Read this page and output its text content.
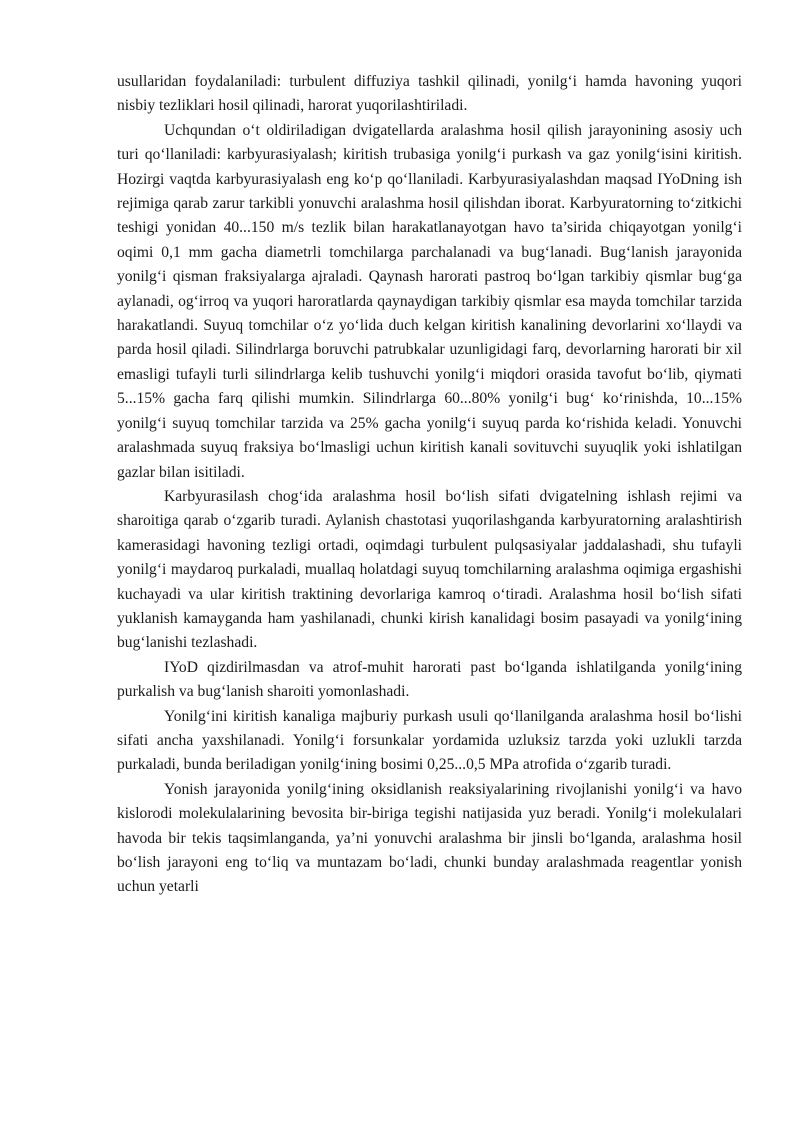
usullaridan foydalaniladi: turbulent diffuziya tashkil qilinadi, yonilg‘i hamda havoning yuqori nisbiy tezliklari hosil qilinadi, harorat yuqorilashtiriladi.

Uchqundan o‘t oldiriladigan dvigatellarda aralashma hosil qilish jarayonining asosiy uch turi qo‘llaniladi: karbyurasiyalash; kiritish trubasiga yonilg‘i purkash va gaz yonilg‘isini kiritish. Hozirgi vaqtda karbyurasiyalash eng ko‘p qo‘llaniladi. Karbyurasiyalashdan maqsad IYoDning ish rejimiga qarab zarur tarkibli yonuvchi aralashma hosil qilishdan iborat. Karbyuratorning to‘zitkichi teshigi yonidan 40...150 m/s tezlik bilan harakatlanayotgan havo ta’sirida chiqayotgan yonilg‘i oqimi 0,1 mm gacha diametrli tomchilarga parchalanadi va bug‘lanadi. Bug‘lanish jarayonida yonilg‘i qisman fraksiyalarga ajraladi. Qaynash harorati pastroq bo‘lgan tarkibiy qismlar bug‘ga aylanadi, og‘irroq va yuqori haroratlarda qaynaydigan tarkibiy qismlar esa mayda tomchilar tarzida harakatlandi. Suyuq tomchilar o‘z yo‘lida duch kelgan kiritish kanalining devorlarini xo‘llaydi va parda hosil qiladi. Silindrlarga boruvchi patrubkalar uzunligidagi farq, devorlarning harorati bir xil emasligi tufayli turli silindrlarga kelib tushuvchi yonilg‘i miqdori orasida tavofut bo‘lib, qiymati 5...15% gacha farq qilishi mumkin. Silindrlarga 60...80% yonilg‘i bug‘ ko‘rinishda, 10...15% yonilg‘i suyuq tomchilar tarzida va 25% gacha yonilg‘i suyuq parda ko‘rishida keladi. Yonuvchi aralashmada suyuq fraksiya bo‘lmasligi uchun kiritish kanali sovituvchi suyuqlik yoki ishlatilgan gazlar bilan isitiladi.

Karbyurasilash chog‘ida aralashma hosil bo‘lish sifati dvigatelning ishlash rejimi va sharoitiga qarab o‘zgarib turadi. Aylanish chastotasi yuqorilashganda karbyuratorning aralashtirish kamerasidagi havoning tezligi ortadi, oqimdagi turbulent pulqsasiyalar jaddalashadi, shu tufayli yonilg‘i maydaroq purkaladi, muallaq holatdagi suyuq tomchilarning aralashma oqimiga ergashishi kuchayadi va ular kiritish traktining devorlariga kamroq o‘tiradi. Aralashma hosil bo‘lish sifati yuklanish kamayganda ham yashilanadi, chunki kirish kanalidagi bosim pasayadi va yonilg‘ining bug‘lanishi tezlashadi.

IYoD qizdirilmasdan va atrof-muhit harorati past bo‘lganda ishlatilganda yonilg‘ining purkalish va bug‘lanish sharoiti yomonlashadi.

Yonilg‘ini kiritish kanaliga majburiy purkash usuli qo‘llanilganda aralashma hosil bo‘lishi sifati ancha yaxshilanadi. Yonilg‘i forsunkalar yordamida uzluksiz tarzda yoki uzlukli tarzda purkaladi, bunda beriladigan yonilg‘ining bosimi 0,25...0,5 MPa atrofida o‘zgarib turadi.

Yonish jarayonida yonilg‘ining oksidlanish reaksiyalarining rivojlanishi yonilg‘i va havo kislorodi molekulalarining bevosita bir-biriga tegishi natijasida yuz beradi. Yonilg‘i molekulalari havoda bir tekis taqsimlanganda, ya’ni yonuvchi aralashma bir jinsli bo‘lganda, aralashma hosil bo‘lish jarayoni eng to‘liq va muntazam bo‘ladi, chunki bunday aralashmada reagentlar yonish uchun yetarli
